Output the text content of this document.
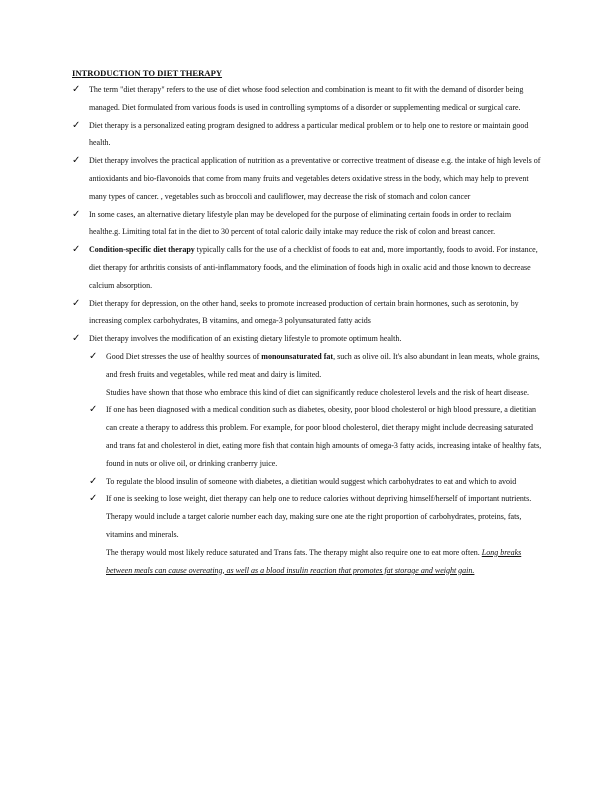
INTRODUCTION TO DIET THERAPY
✓ The term "diet therapy" refers to the use of diet whose food selection and combination is meant to fit with the demand of disorder being managed. Diet formulated from various foods is used in controlling symptoms of a disorder or supplementing medical or surgical care.
✓ Diet therapy is a personalized eating program designed to address a particular medical problem or to help one to restore or maintain good health.
✓ Diet therapy involves the practical application of nutrition as a preventative or corrective treatment of disease e.g. the intake of high levels of antioxidants and bio-flavonoids that come from many fruits and vegetables deters oxidative stress in the body, which may help to prevent many types of cancer. , vegetables such as broccoli and cauliflower, may decrease the risk of stomach and colon cancer
✓ In some cases, an alternative dietary lifestyle plan may be developed for the purpose of eliminating certain foods in order to reclaim healthe.g. Limiting total fat in the diet to 30 percent of total caloric daily intake may reduce the risk of colon and breast cancer.
✓ Condition-specific diet therapy typically calls for the use of a checklist of foods to eat and, more importantly, foods to avoid. For instance, diet therapy for arthritis consists of anti-inflammatory foods, and the elimination of foods high in oxalic acid and those known to decrease calcium absorption.
✓ Diet therapy for depression, on the other hand, seeks to promote increased production of certain brain hormones, such as serotonin, by increasing complex carbohydrates, B vitamins, and omega-3 polyunsaturated fatty acids
✓ Diet therapy involves the modification of an existing dietary lifestyle to promote optimum health.
✓ Good Diet stresses the use of healthy sources of monounsaturated fat, such as olive oil. It's also abundant in lean meats, whole grains, and fresh fruits and vegetables, while red meat and dairy is limited.
Studies have shown that those who embrace this kind of diet can significantly reduce cholesterol levels and the risk of heart disease.
✓ If one has been diagnosed with a medical condition such as diabetes, obesity, poor blood cholesterol or high blood pressure, a dietitian can create a therapy to address this problem. For example, for poor blood cholesterol, diet therapy might include decreasing saturated and trans fat and cholesterol in diet, eating more fish that contain high amounts of omega-3 fatty acids, increasing intake of healthy fats, found in nuts or olive oil, or drinking cranberry juice.
✓ To regulate the blood insulin of someone with diabetes, a dietitian would suggest which carbohydrates to eat and which to avoid
✓ If one is seeking to lose weight, diet therapy can help one to reduce calories without depriving himself/herself of important nutrients. Therapy would include a target calorie number each day, making sure one ate the right proportion of carbohydrates, proteins, fats, vitamins and minerals.
The therapy would most likely reduce saturated and Trans fats. The therapy might also require one to eat more often. Long breaks between meals can cause overeating, as well as a blood insulin reaction that promotes fat storage and weight gain.
